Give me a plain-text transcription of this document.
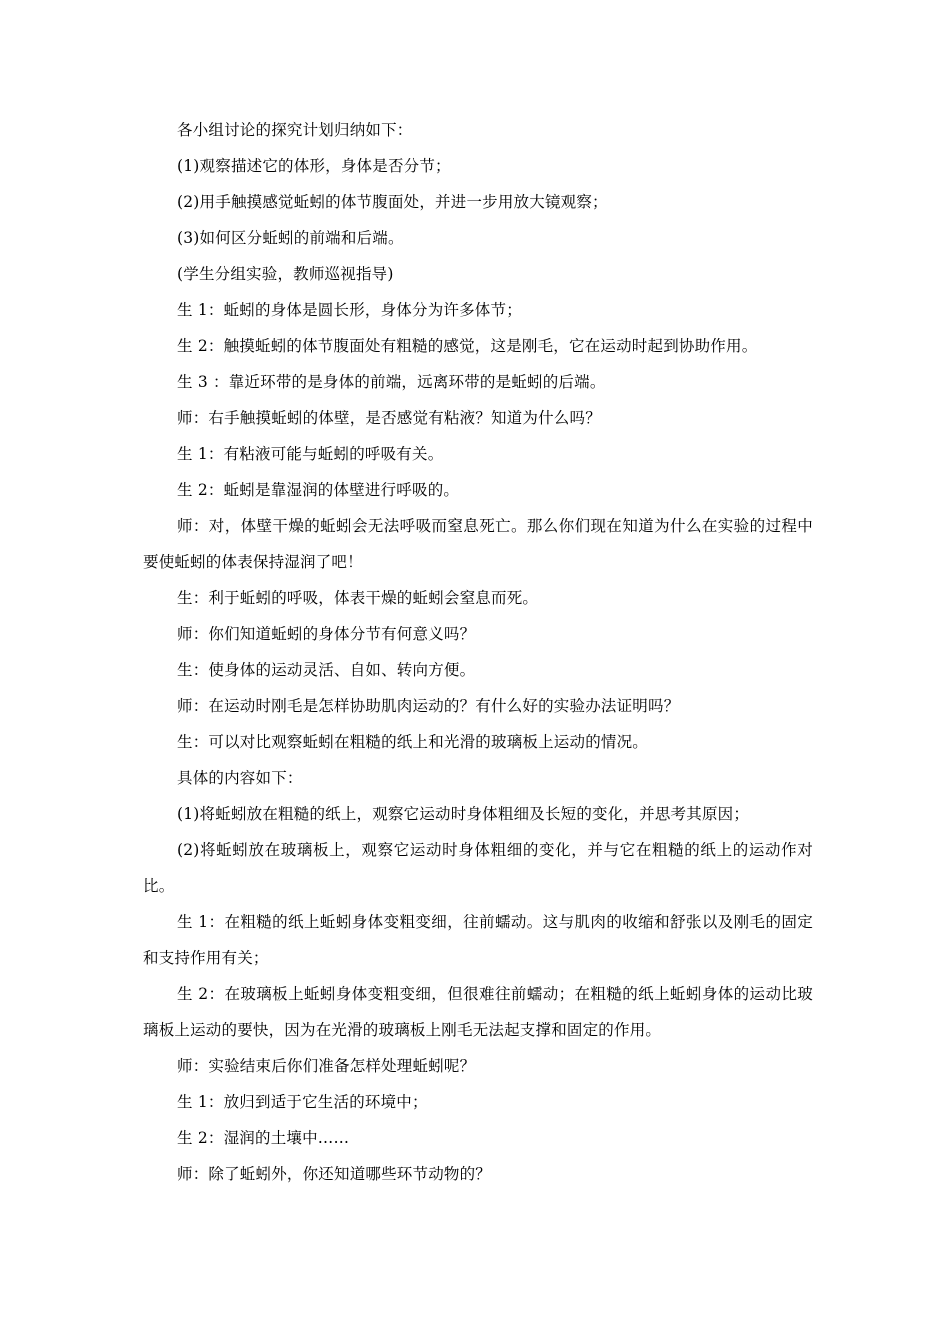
各小组讨论的探究计划归纳如下：

(1)观察描述它的体形，身体是否分节；

(2)用手触摸感觉蚯蚓的体节腹面处，并进一步用放大镜观察；

(3)如何区分蚯蚓的前端和后端。

(学生分组实验，教师巡视指导)

生 1：蚯蚓的身体是圆长形，身体分为许多体节；

生 2：触摸蚯蚓的体节腹面处有粗糙的感觉，这是刚毛，它在运动时起到协助作用。

生 3 ：靠近环带的是身体的前端，远离环带的是蚯蚓的后端。

师：右手触摸蚯蚓的体壁，是否感觉有粘液？知道为什么吗？

生 1：有粘液可能与蚯蚓的呼吸有关。

生 2：蚯蚓是靠湿润的体壁进行呼吸的。

师：对，体壁干燥的蚯蚓会无法呼吸而窒息死亡。那么你们现在知道为什么在实验的过程中要使蚯蚓的体表保持湿润了吧！

生：利于蚯蚓的呼吸，体表干燥的蚯蚓会窒息而死。

师：你们知道蚯蚓的身体分节有何意义吗？

生：使身体的运动灵活、自如、转向方便。

师：在运动时刚毛是怎样协助肌肉运动的？有什么好的实验办法证明吗？

生：可以对比观察蚯蚓在粗糙的纸上和光滑的玻璃板上运动的情况。

具体的内容如下：

(1)将蚯蚓放在粗糙的纸上，观察它运动时身体粗细及长短的变化，并思考其原因；

(2)将蚯蚓放在玻璃板上，观察它运动时身体粗细的变化，并与它在粗糙的纸上的运动作对比。

生 1：在粗糙的纸上蚯蚓身体变粗变细，往前蠕动。这与肌肉的收缩和舒张以及刚毛的固定和支持作用有关；

生 2：在玻璃板上蚯蚓身体变粗变细，但很难往前蠕动；在粗糙的纸上蚯蚓身体的运动比玻璃板上运动的要快，因为在光滑的玻璃板上刚毛无法起支撑和固定的作用。

师：实验结束后你们准备怎样处理蚯蚓呢？

生 1：放归到适于它生活的环境中；

生 2：湿润的土壤中……

师：除了蚯蚓外，你还知道哪些环节动物的？
